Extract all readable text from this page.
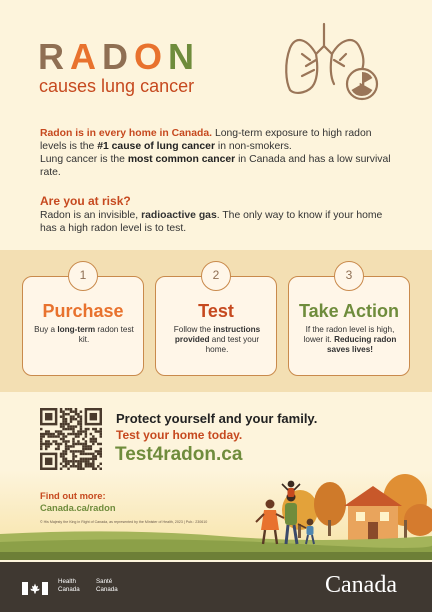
RADON
causes lung cancer

Radon is in every home in Canada. Long-term exposure to high radon levels is the #1 cause of lung cancer in non-smokers.

Lung cancer is the most common cancer in Canada and has a low survival rate.

Are you at risk?
Radon is an invisible, radioactive gas. The only way to know if your home has a high radon level is to test.
1
Purchase
Buy a long-term radon test kit.
2
Test
Follow the instructions provided and test your home.
3
Take Action
If the radon level is high, lower it. Reducing radon saves lives!
Protect yourself and your family.
Test your home today.
Test4radon.ca
Find out more:
Canada.ca/radon
© His Majesty the King in Right of Canada, as represented by the Minister of Health, 2023 | Pub.: 230610
Health
Canada
Santé
Canada	Canada
